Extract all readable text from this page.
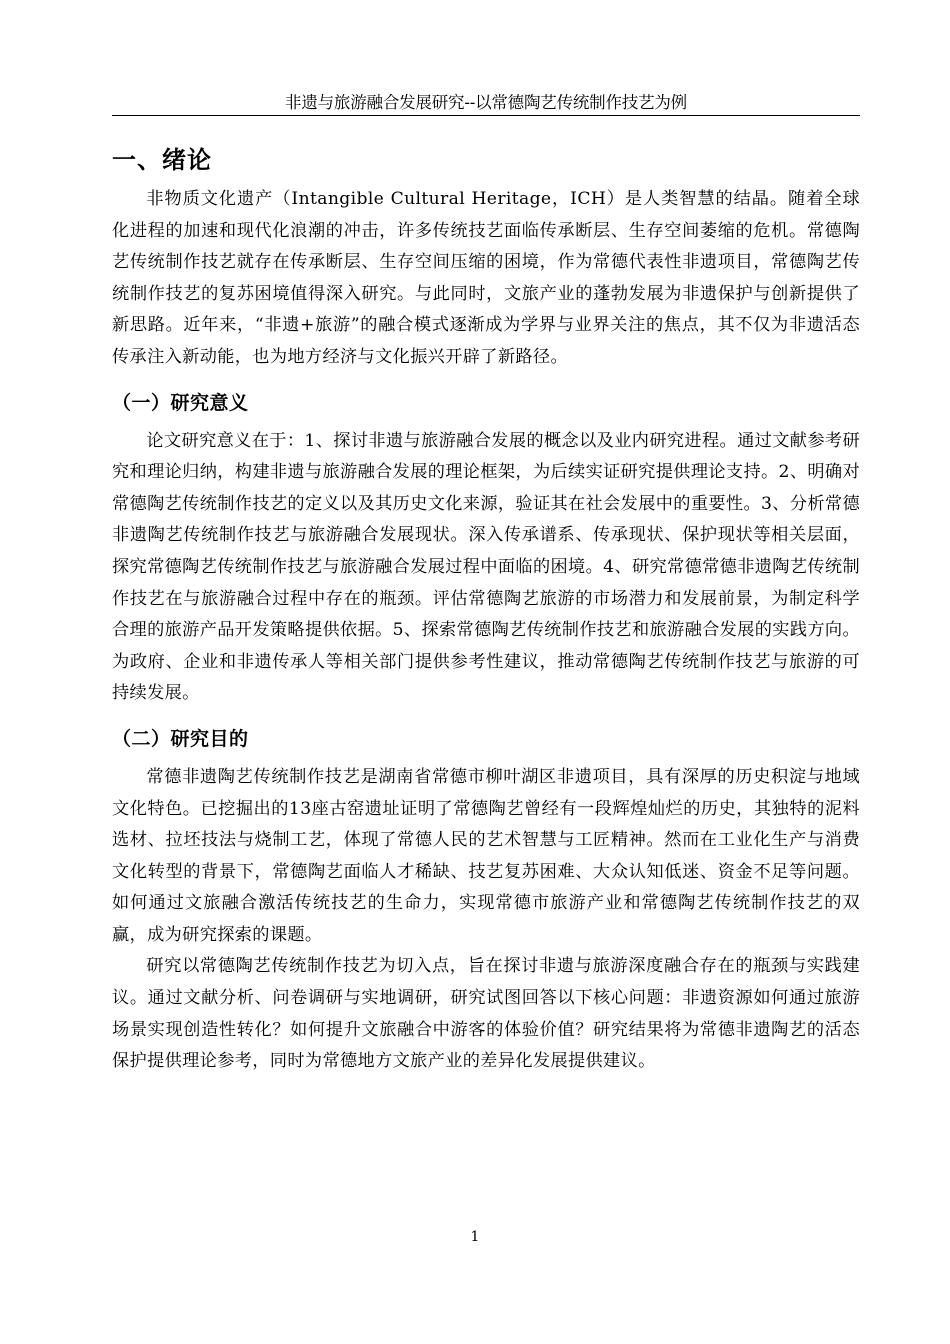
非遗与旅游融合发展研究--以常德陶艺传统制作技艺为例
一、绪论

非物质文化遗产（Intangible Cultural Heritage，ICH）是人类智慧的结晶。随着全球化进程的加速和现代化浪潮的冲击，许多传统技艺面临传承断层、生存空间萎缩的危机。常德陶艺传统制作技艺就存在传承断层、生存空间压缩的困境，作为常德代表性非遗项目，常德陶艺传统制作技艺的复苏困境值得深入研究。与此同时，文旅产业的蓬勃发展为非遗保护与创新提供了新思路。近年来，“非遗+旅游”的融合模式逐渐成为学界与业界关注的焦点，其不仅为非遗活态传承注入新动能，也为地方经济与文化振兴开辟了新路径。

（一）研究意义

论文研究意义在于：1、探讨非遗与旅游融合发展的概念以及业内研究进程。通过文献参考研究和理论归纳，构建非遗与旅游融合发展的理论框架，为后续实证研究提供理论支持。2、明确对常德陶艺传统制作技艺的定义以及其历史文化来源，验证其在社会发展中的重要性。3、分析常德非遗陶艺传统制作技艺与旅游融合发展现状。深入传承谱系、传承现状、保护现状等相关层面，探究常德陶艺传统制作技艺与旅游融合发展过程中面临的困境。4、研究常德常德非遗陶艺传统制作技艺在与旅游融合过程中存在的瓶颈。评估常德陶艺旅游的市场潜力和发展前景，为制定科学合理的旅游产品开发策略提供依据。5、探索常德陶艺传统制作技艺和旅游融合发展的实践方向。为政府、企业和非遗传承人等相关部门提供参考性建议，推动常德陶艺传统制作技艺与旅游的可持续发展。

（二）研究目的

常德非遗陶艺传统制作技艺是湖南省常德市柳叶湖区非遗项目，具有深厚的历史积淀与地域文化特色。已挖掘出的13座古窑遗址证明了常德陶艺曾经有一段辉煌灿烂的历史，其独特的泥料选材、拉坯技法与烧制工艺，体现了常德人民的艺术智慧与工匠精神。然而在工业化生产与消费文化转型的背景下，常德陶艺面临人才稀缺、技艺复苏困难、大众认知低迷、资金不足等问题。如何通过文旅融合激活传统技艺的生命力，实现常德市旅游产业和常德陶艺传统制作技艺的双赢，成为研究探索的课题。

研究以常德陶艺传统制作技艺为切入点，旨在探讨非遗与旅游深度融合存在的瓶颈与实践建议。通过文献分析、问卷调研与实地调研，研究试图回答以下核心问题：非遗资源如何通过旅游场景实现创造性转化？如何提升文旅融合中游客的体验价值？研究结果将为常德非遗陶艺的活态保护提供理论参考，同时为常德地方文旅产业的差异化发展提供建议。

1
